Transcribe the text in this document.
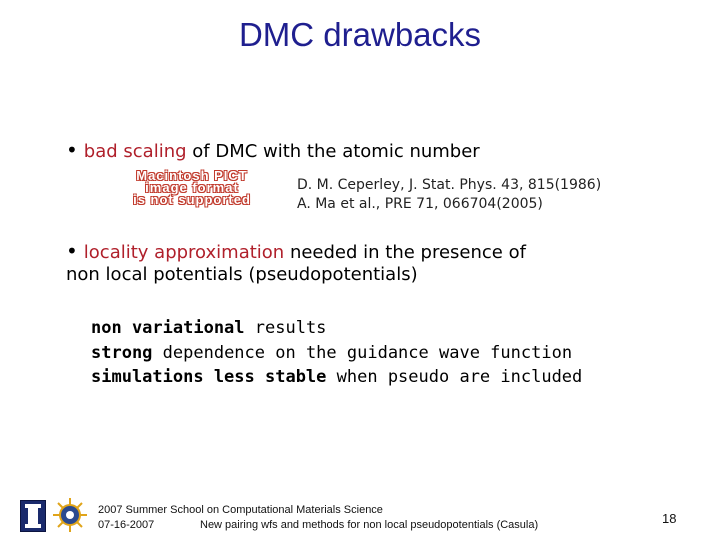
DMC drawbacks
• bad scaling of DMC with the atomic number
Macintosh PICT
image format
is not supported
D. M. Ceperley, J. Stat. Phys. 43, 815(1986)
A. Ma et al., PRE 71, 066704(2005)
• locality approximation needed in the presence of
non local potentials (pseudopotentials)
non variational results
strong dependence on the guidance wave function
simulations less stable when pseudo are included
2007 Summer School on Computational Materials Science
07-16-2007	New pairing wfs and methods for non local pseudopotentials (Casula)	18
